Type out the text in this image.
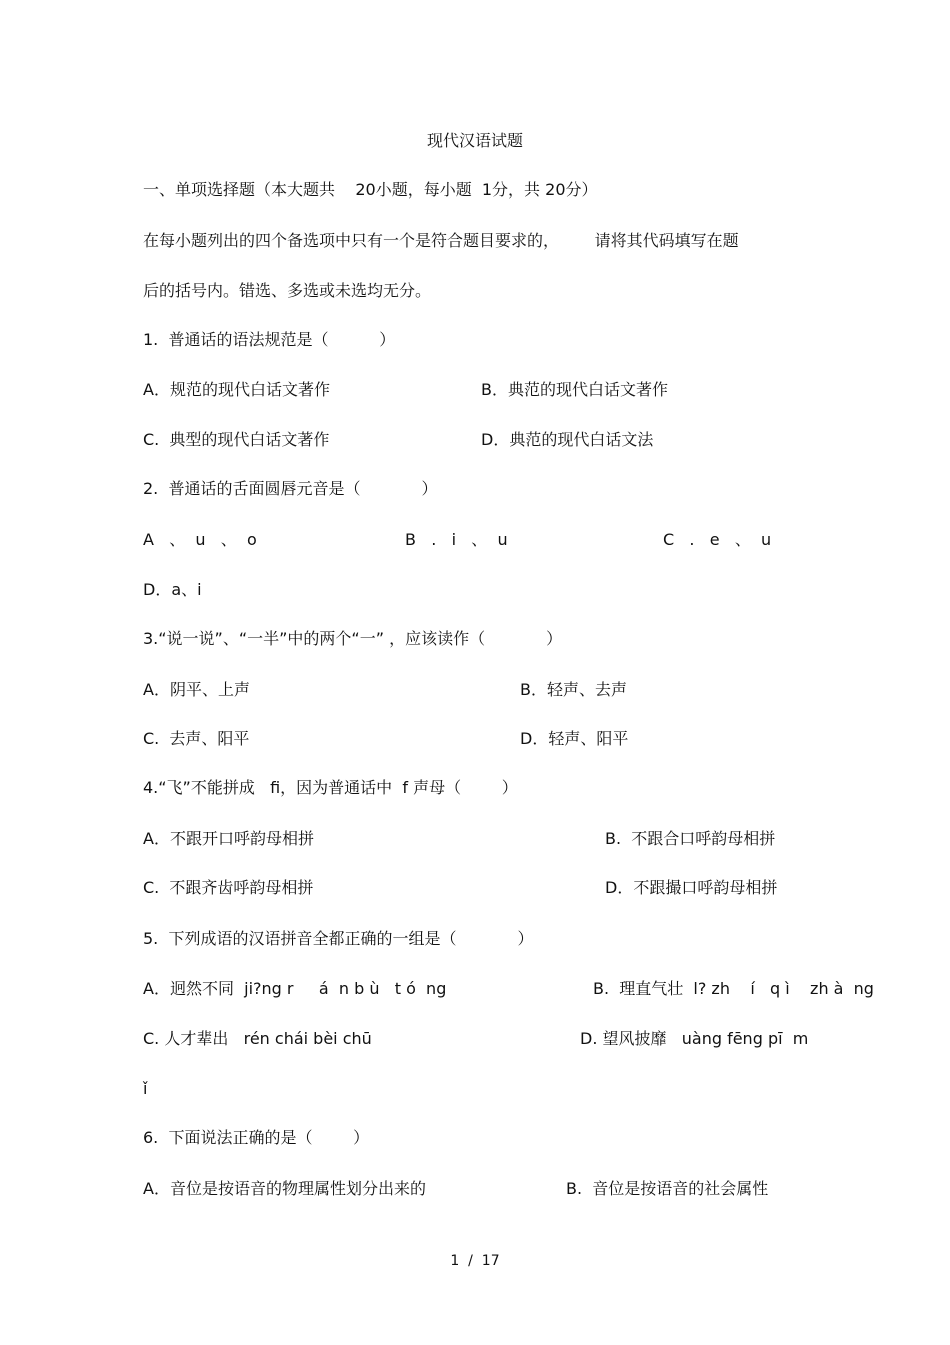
现代汉语试题
一、单项选择题（本大题共    20小题，每小题  1分，共 20分）
在每小题列出的四个备选项中只有一个是符合题目要求的，       请将其代码填写在题
后的括号内。错选、多选或未选均无分。
1.  普通话的语法规范是（          ）
A．规范的现代白话文著作	B．典范的现代白话文著作
C.  典型的现代白话文著作	D．典范的现代白话文法
2.  普通话的舌面圆唇元音是（            ）
A   、  u   、  o	B   .   i   、  u	C   .   e   、  u
D．a、i
3.“说一说”、“一半”中的两个“一” ，应该读作（            ）
A．阴平、上声	B．轻声、去声
C.  去声、阳平	D．轻声、阳平
4.“飞”不能拼成   fi，因为普通话中  f 声母（        ）
A．不跟开口呼韵母相拼	B.  不跟合口呼韵母相拼
C.  不跟齐齿呼韵母相拼	D．不跟撮口呼韵母相拼
5.  下列成语的汉语拼音全都正确的一组是（            ）
A．迥然不同  ji?ng r     á  n b ù   t ó  ng	B.  理直气壮  l? zh    í   q ì    zh à  ng
C. 人才辈出   rén chái bèi chū	D. 望风披靡   uàng fēng pī  m
ǐ
6.  下面说法正确的是（        ）
A．音位是按语音的物理属性划分出来的	B.  音位是按语音的社会属性
1  /  17
